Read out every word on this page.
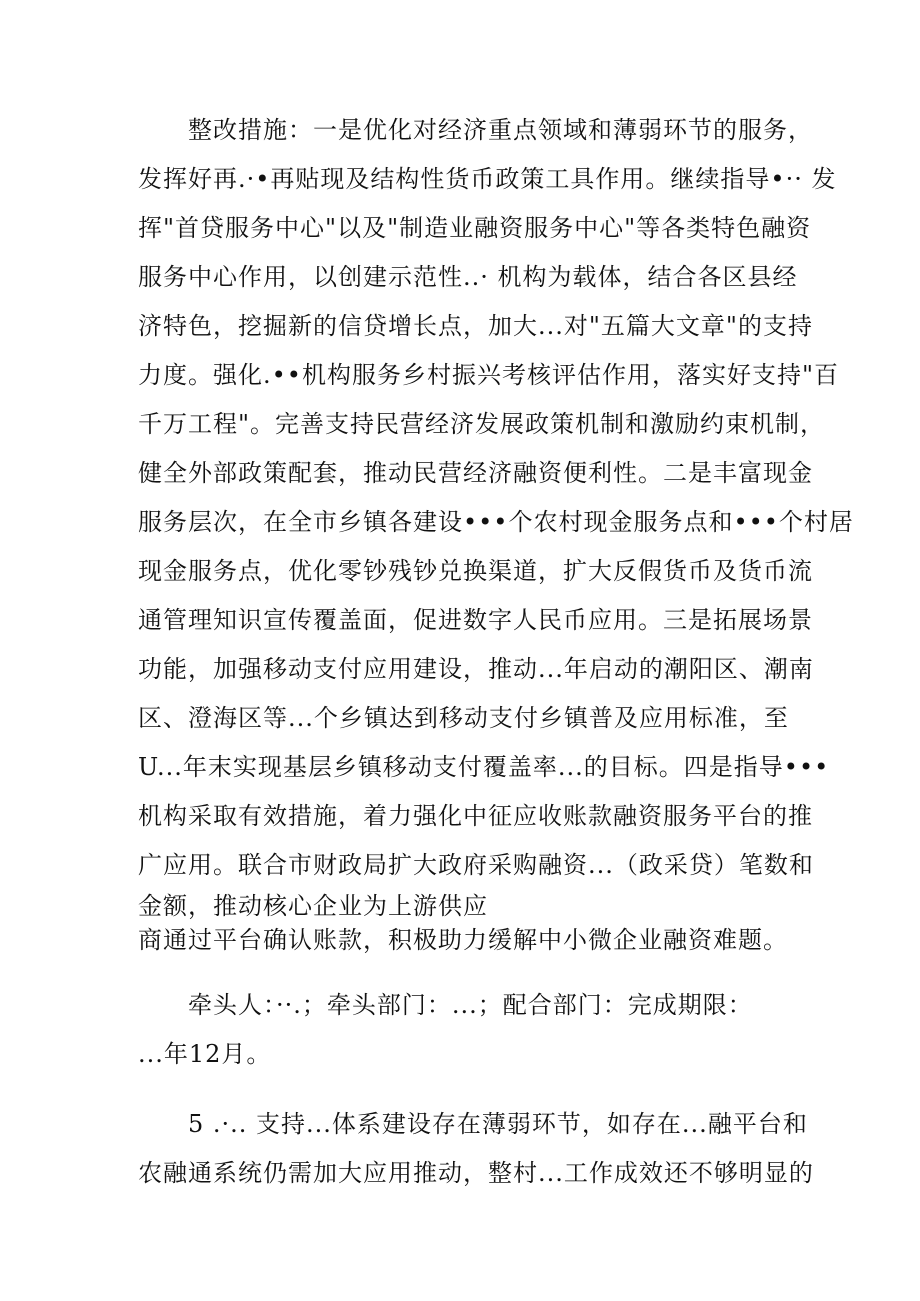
整改措施：一是优化对经济重点领域和薄弱环节的服务，
发挥好再.·•再贴现及结构性货币政策工具作用。继续指导•·· 发
挥"首贷服务中心"以及"制造业融资服务中心"等各类特色融资
服务中心作用，以创建示范性..· 机构为载体，结合各区县经
济特色，挖掘新的信贷增长点，加大...对"五篇大文章"的支持
力度。强化.••机构服务乡村振兴考核评估作用，落实好支持"百
千万工程"。完善支持民营经济发展政策机制和激励约束机制，
健全外部政策配套，推动民营经济融资便利性。二是丰富现金
服务层次，在全市乡镇各建设•••个农村现金服务点和•••个村居
现金服务点，优化零钞残钞兑换渠道，扩大反假货币及货币流
通管理知识宣传覆盖面，促进数字人民币应用。三是拓展场景
功能，加强移动支付应用建设，推动...年启动的潮阳区、潮南
区、澄海区等...个乡镇达到移动支付乡镇普及应用标准，至
U...年末实现基层乡镇移动支付覆盖率...的目标。四是指导•••
机构采取有效措施，着力强化中征应收账款融资服务平台的推
广应用。联合市财政局扩大政府采购融资...（政采贷）笔数和
金额，推动核心企业为上游供应
商通过平台确认账款，积极助力缓解中小微企业融资难题。
牵头人：··.；牵头部门：...；配合部门：完成期限：
...年12月。
5 .·.. 支持...体系建设存在薄弱环节，如存在...融平台和
农融通系统仍需加大应用推动，整村...工作成效还不够明显的
